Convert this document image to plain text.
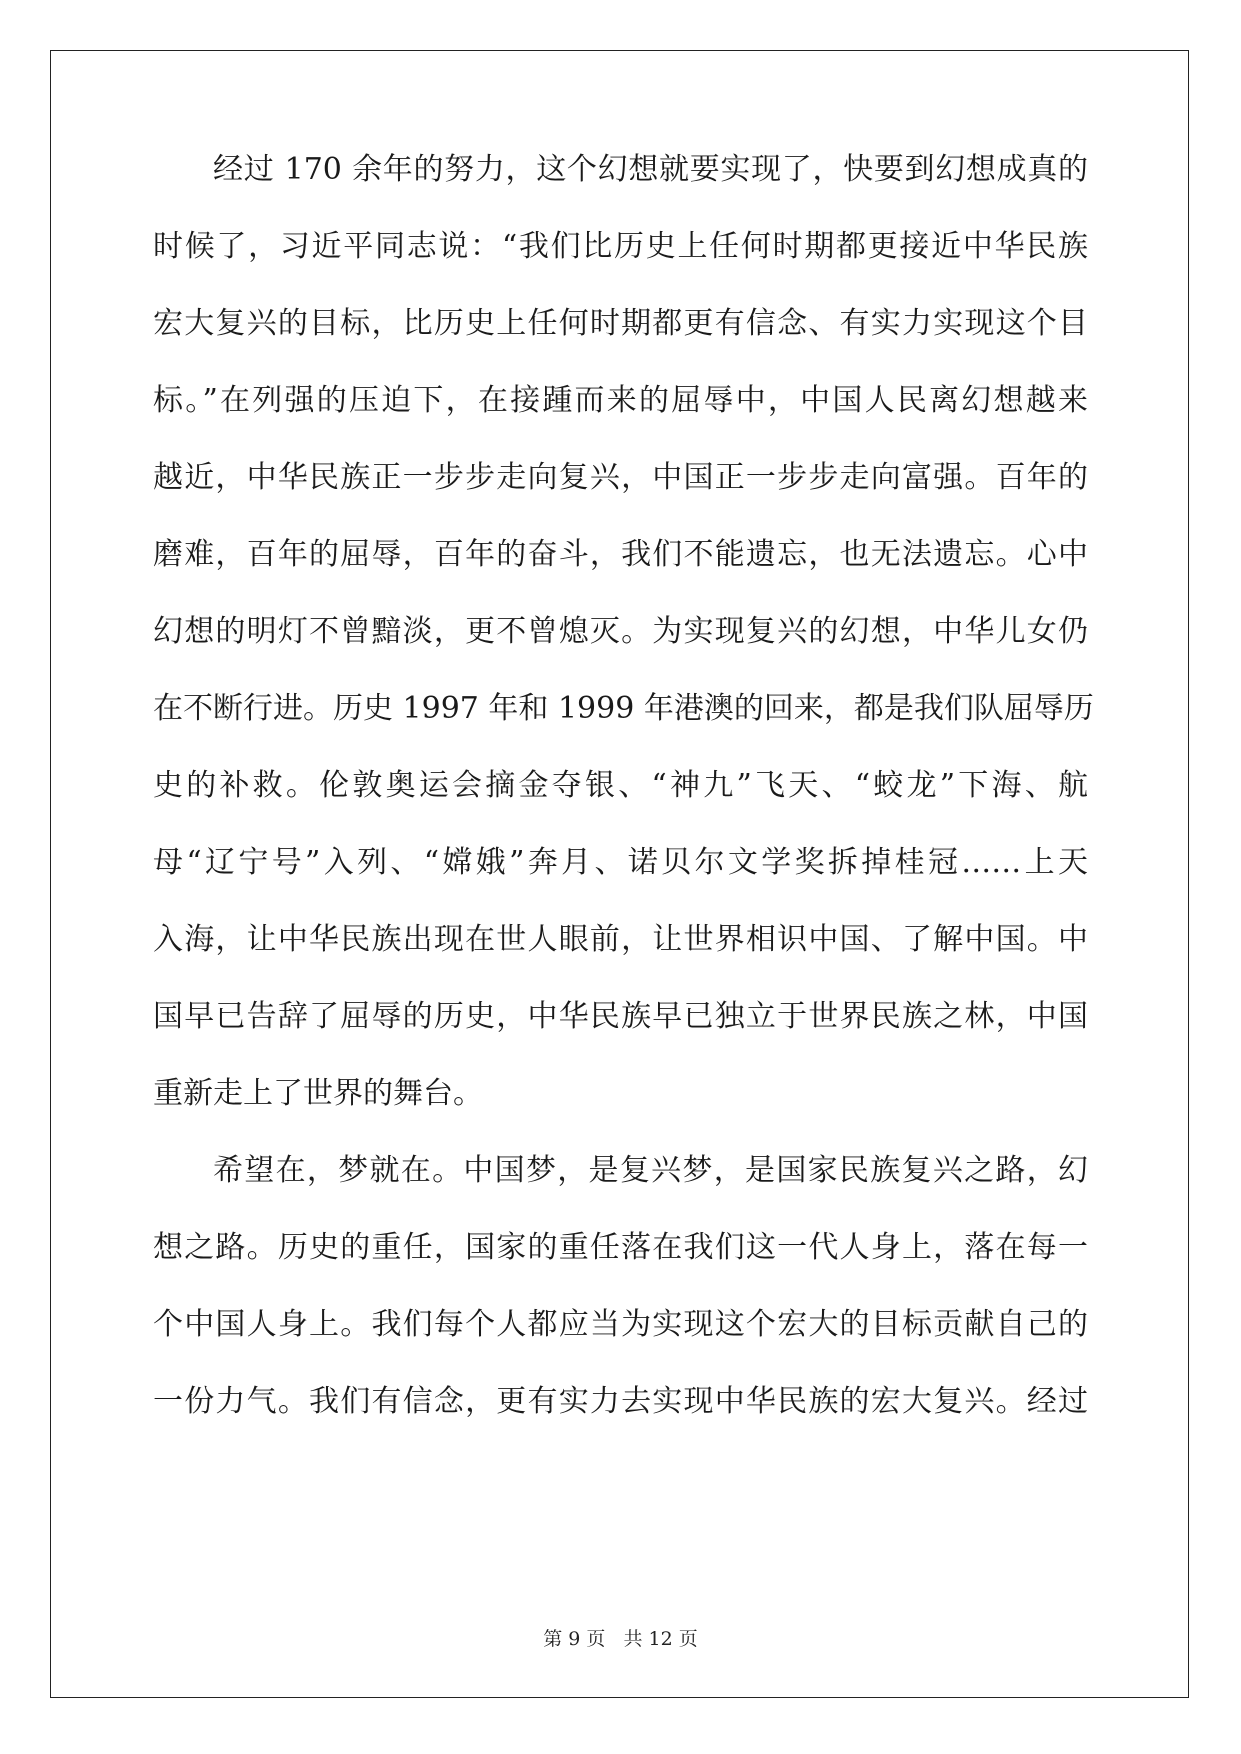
经过 170 余年的努力，这个幻想就要实现了，快要到幻想成真的
时候了，习近平同志说：“我们比历史上任何时期都更接近中华民族
宏大复兴的目标，比历史上任何时期都更有信念、有实力实现这个目
标。”在列强的压迫下，在接踵而来的屈辱中，中国人民离幻想越来
越近，中华民族正一步步走向复兴，中国正一步步走向富强。百年的
磨难，百年的屈辱，百年的奋斗，我们不能遗忘，也无法遗忘。心中
幻想的明灯不曾黯淡，更不曾熄灭。为实现复兴的幻想，中华儿女仍
在不断行进。历史 1997 年和 1999 年港澳的回来，都是我们队屈辱历
史的补救。伦敦奥运会摘金夺银、“神九”飞天、“蛟龙”下海、航
母“辽宁号”入列、“嫦娥”奔月、诺贝尔文学奖拆掉桂冠……上天
入海，让中华民族出现在世人眼前，让世界相识中国、了解中国。中
国早已告辞了屈辱的历史，中华民族早已独立于世界民族之林，中国
重新走上了世界的舞台。
希望在，梦就在。中国梦，是复兴梦，是国家民族复兴之路，幻
想之路。历史的重任，国家的重任落在我们这一代人身上，落在每一
个中国人身上。我们每个人都应当为实现这个宏大的目标贡献自己的
一份力气。我们有信念，更有实力去实现中华民族的宏大复兴。经过
第 9 页 共 12 页
